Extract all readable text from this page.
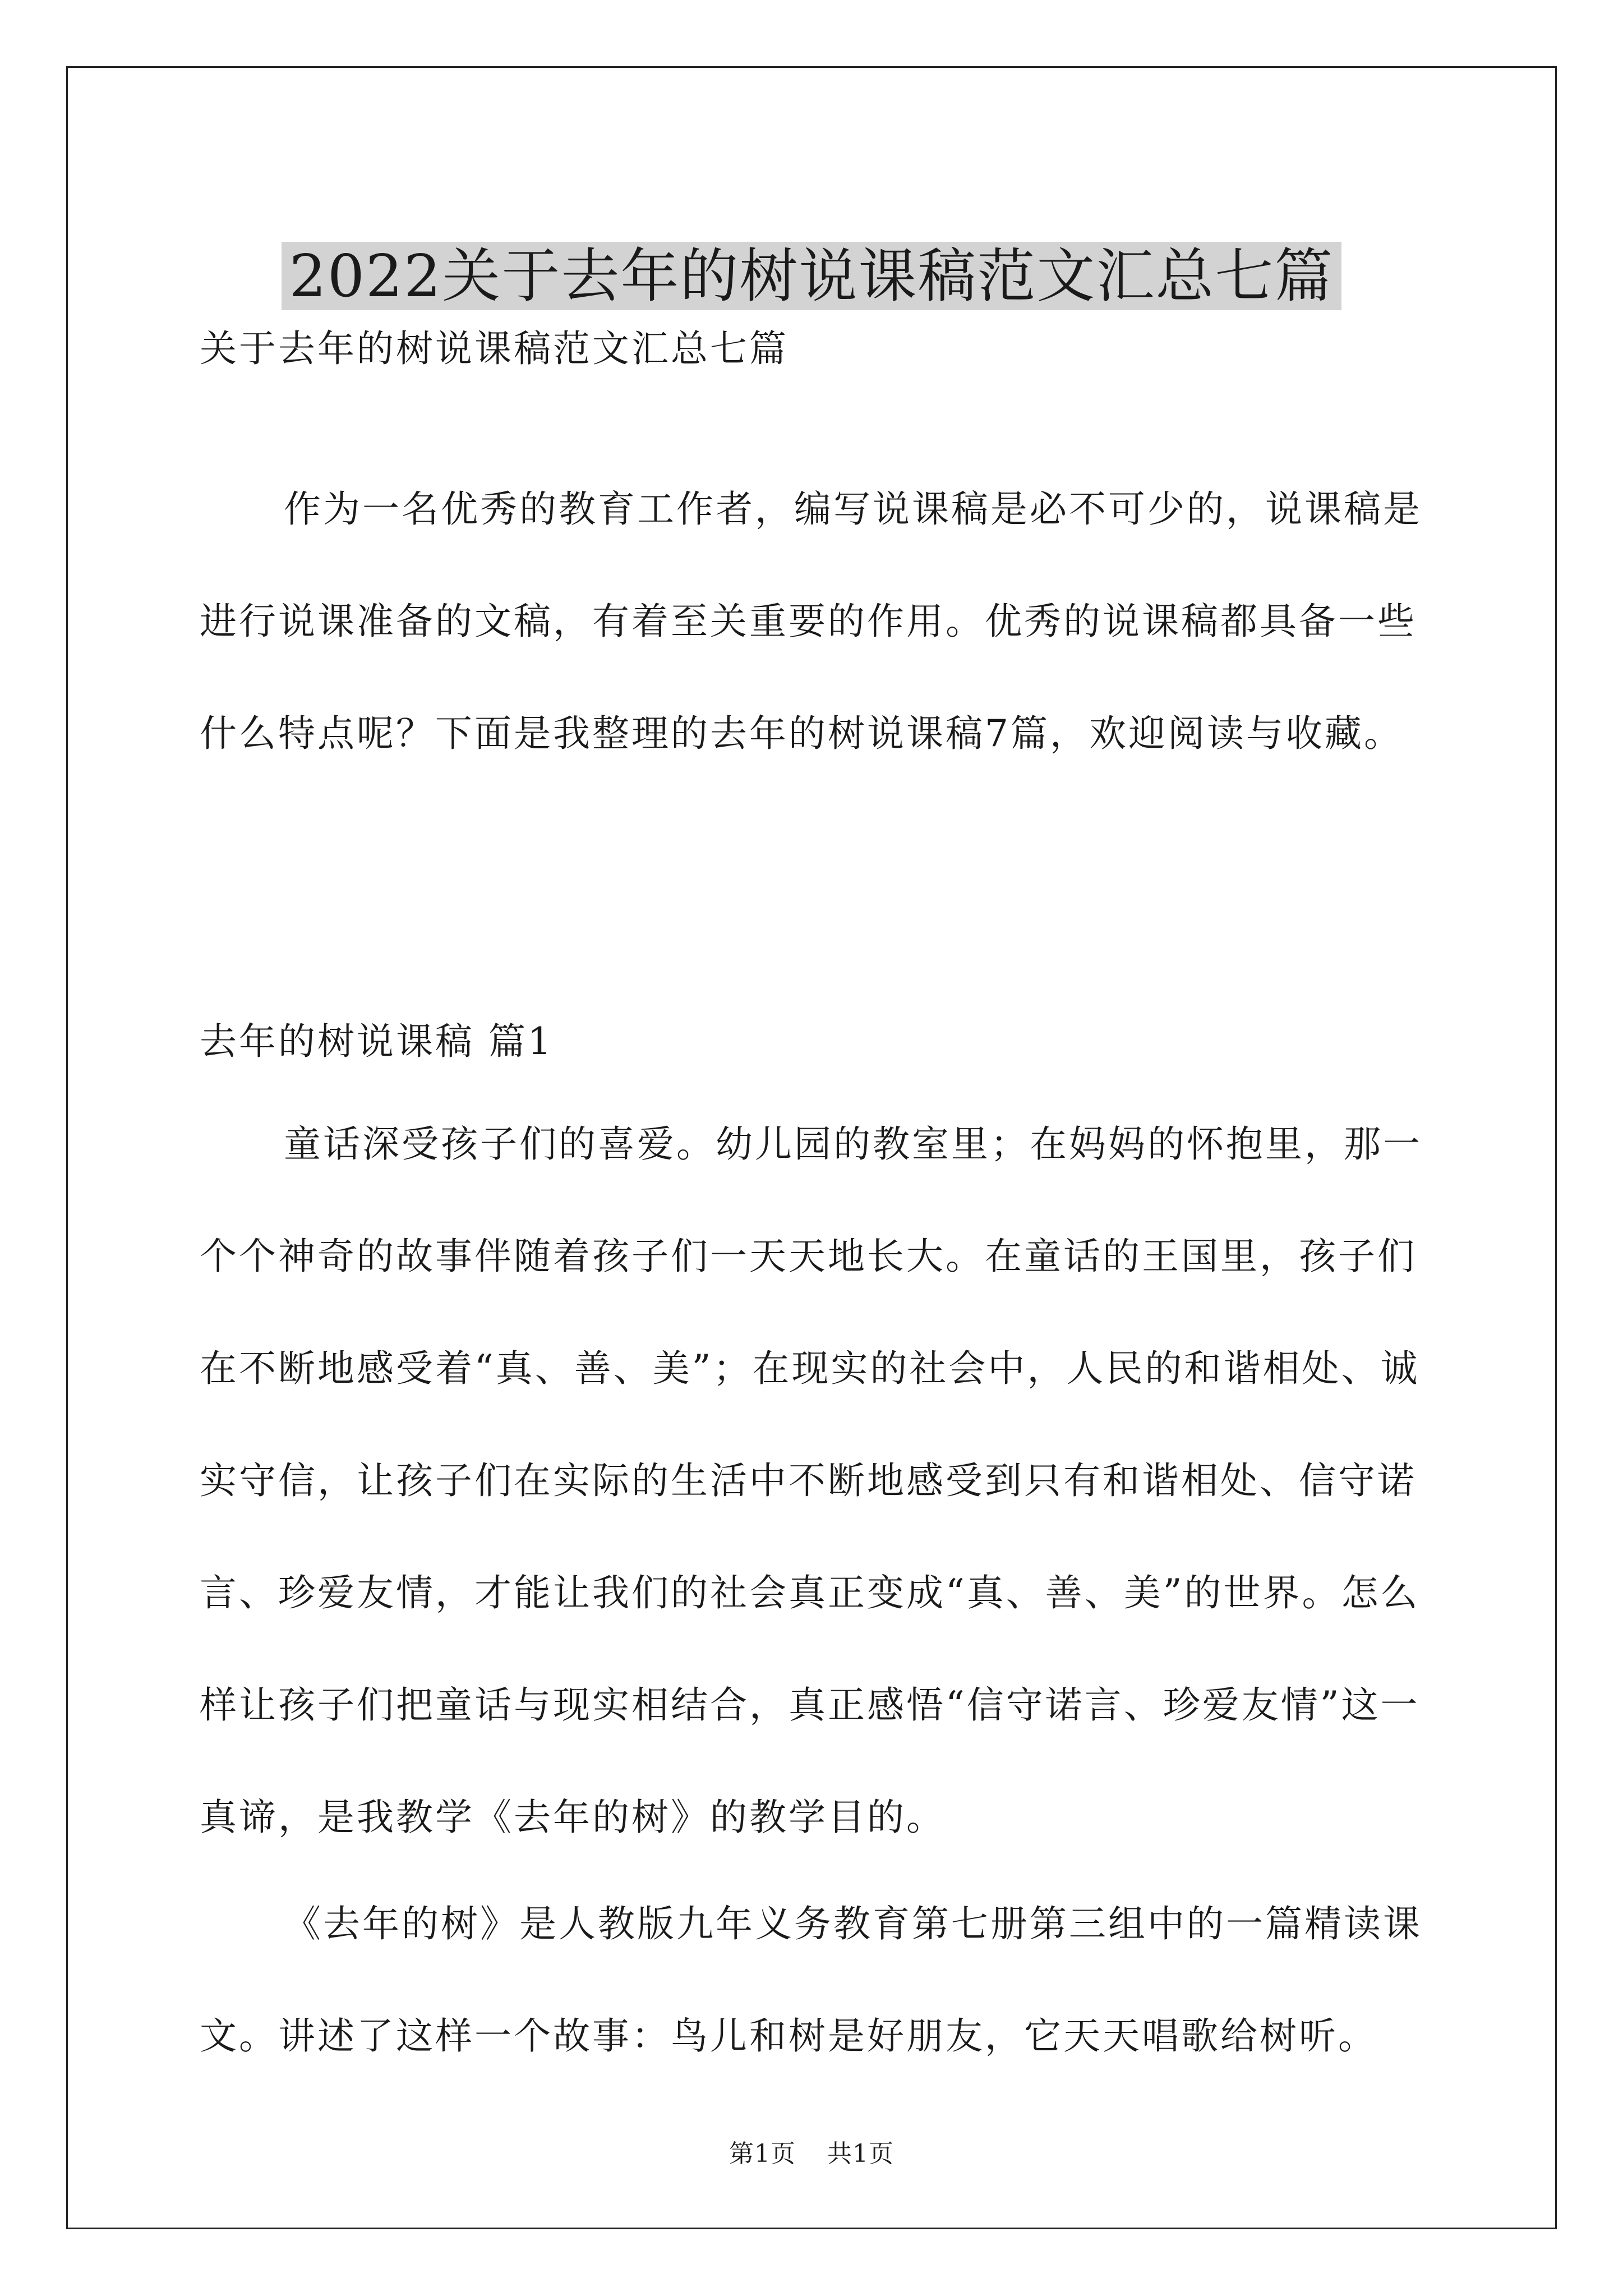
2022关于去年的树说课稿范文汇总七篇
关于去年的树说课稿范文汇总七篇
作为一名优秀的教育工作者，编写说课稿是必不可少的，说课稿是进行说课准备的文稿，有着至关重要的作用。优秀的说课稿都具备一些什么特点呢？下面是我整理的去年的树说课稿7篇，欢迎阅读与收藏。
去年的树说课稿 篇1
童话深受孩子们的喜爱。幼儿园的教室里；在妈妈的怀抱里，那一个个神奇的故事伴随着孩子们一天天地长大。在童话的王国里，孩子们在不断地感受着“真、善、美”；在现实的社会中，人民的和谐相处、诚实守信，让孩子们在实际的生活中不断地感受到只有和谐相处、信守诺言、珍爱友情，才能让我们的社会真正变成“真、善、美”的世界。怎么样让孩子们把童话与现实相结合，真正感悟“信守诺言、珍爱友情”这一真谛，是我教学《去年的树》的教学目的。
《去年的树》是人教版九年义务教育第七册第三组中的一篇精读课文。讲述了这样一个故事：鸟儿和树是好朋友，它天天唱歌给树听。
第1页 共1页
